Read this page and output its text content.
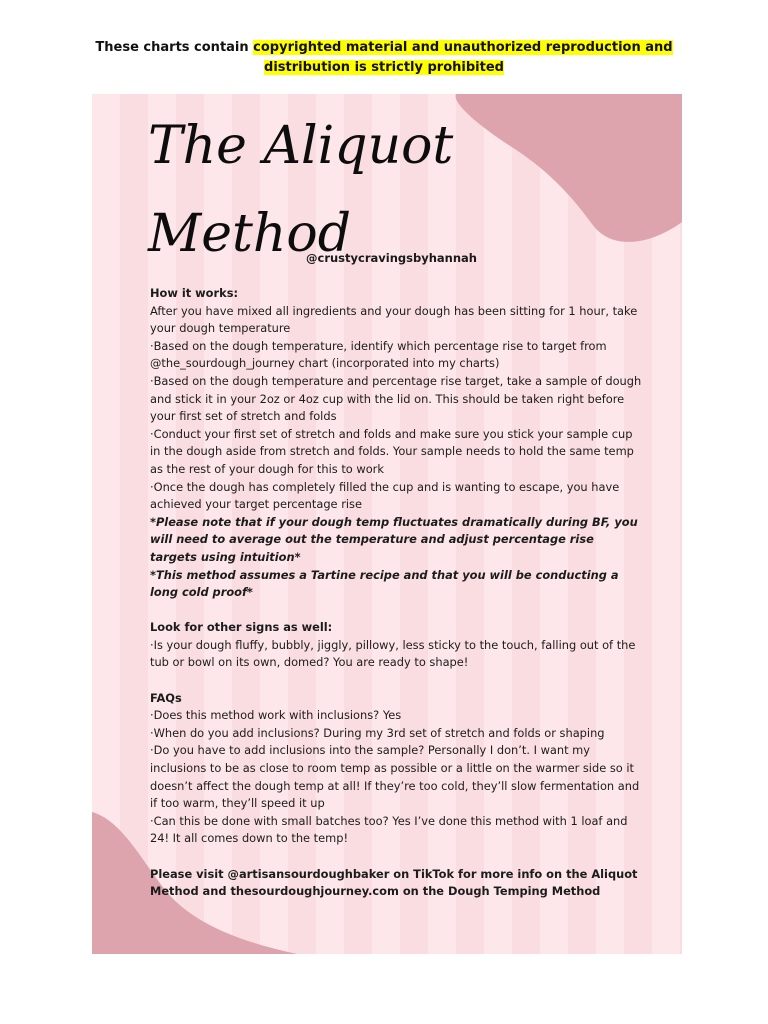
These charts contain copyrighted material and unauthorized reproduction and
distribution is strictly prohibited
The Aliquot
Method
@crustycravingsbyhannah

How it works:

After you have mixed all ingredients and your dough has been sitting for 1 hour, take your dough temperature

·Based on the dough temperature, identify which percentage rise to target from @the_sourdough_journey chart (incorporated into my charts)

·Based on the dough temperature and percentage rise target, take a sample of dough and stick it in your 2oz or 4oz cup with the lid on. This should be taken right before your first set of stretch and folds

·Conduct your first set of stretch and folds and make sure you stick your sample cup in the dough aside from stretch and folds. Your sample needs to hold the same temp as the rest of your dough for this to work

·Once the dough has completely filled the cup and is wanting to escape, you have achieved your target percentage rise

*Please note that if your dough temp fluctuates dramatically during BF, you will need to average out the temperature and adjust percentage rise targets using intuition*

*This method assumes a Tartine recipe and that you will be conducting a long cold proof*

Look for other signs as well:

·Is your dough fluffy, bubbly, jiggly, pillowy, less sticky to the touch, falling out of the tub or bowl on its own, domed? You are ready to shape!

FAQs

·Does this method work with inclusions? Yes

·When do you add inclusions? During my 3rd set of stretch and folds or shaping

·Do you have to add inclusions into the sample? Personally I don’t. I want my inclusions to be as close to room temp as possible or a little on the warmer side so it doesn’t affect the dough temp at all! If they’re too cold, they’ll slow fermentation and if too warm, they’ll speed it up

·Can this be done with small batches too? Yes I’ve done this method with 1 loaf and 24! It all comes down to the temp!

Please visit @artisansourdoughbaker on TikTok for more info on the Aliquot Method and thesourdoughjourney.com on the Dough Temping Method
